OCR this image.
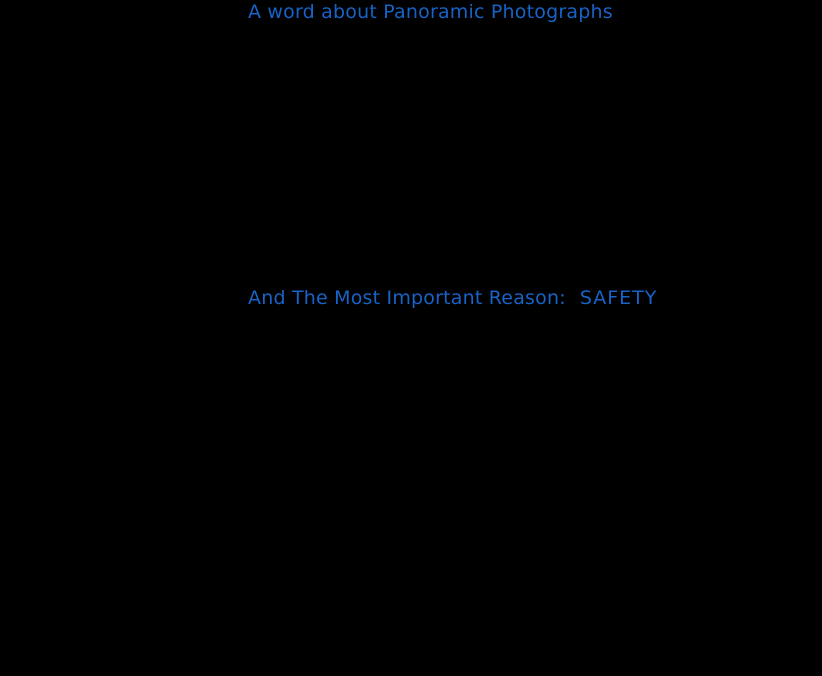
A word about Panoramic Photographs
And The Most Important Reason: SAFETY
